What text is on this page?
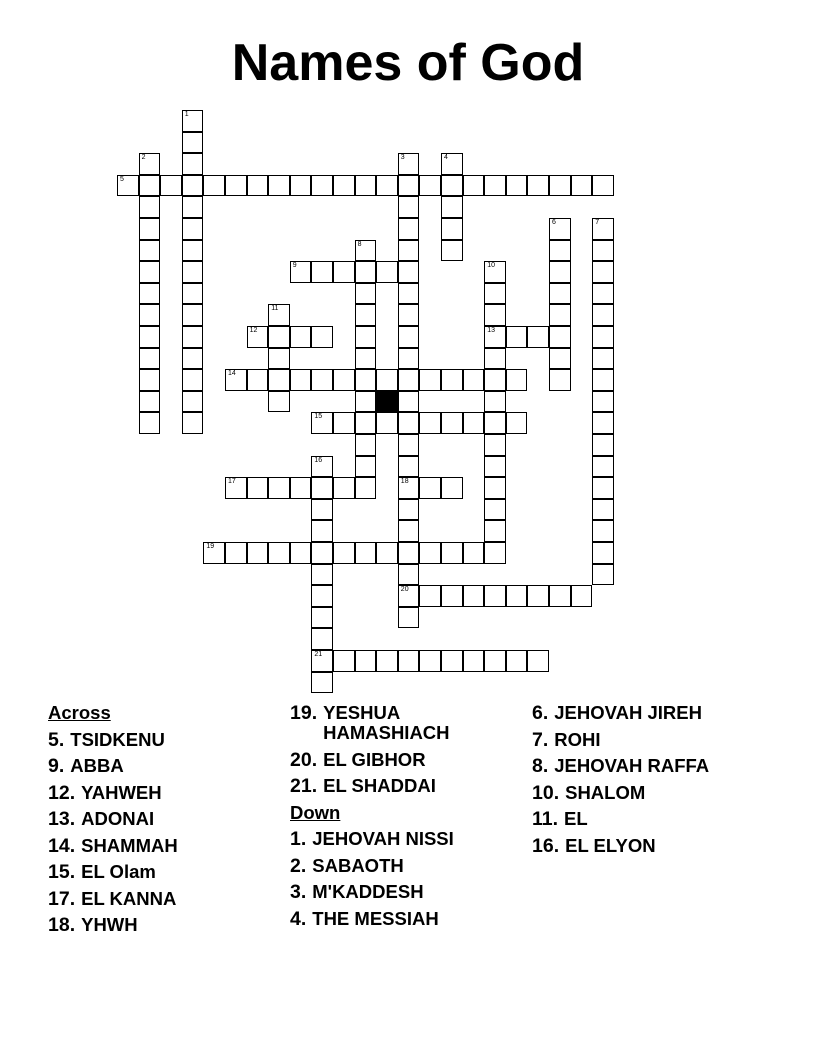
Names of God
5
9
12	13
14
15
17	18
19
20
21
1
2	3	4
6	7
8
10
11
16
Across
5. TSIDKENU
9. ABBA
12. YAHWEH
13. ADONAI
14. SHAMMAH
15. EL Olam
17. EL KANNA
18. YHWH
19. YESHUA HAMASHIACH
20. EL GIBHOR
21. EL SHADDAI
Down
1. JEHOVAH NISSI
2. SABAOTH
3. M'KADDESH
4. THE MESSIAH
6. JEHOVAH JIREH
7. ROHI
8. JEHOVAH RAFFA
10. SHALOM
11. EL
16. EL ELYON
